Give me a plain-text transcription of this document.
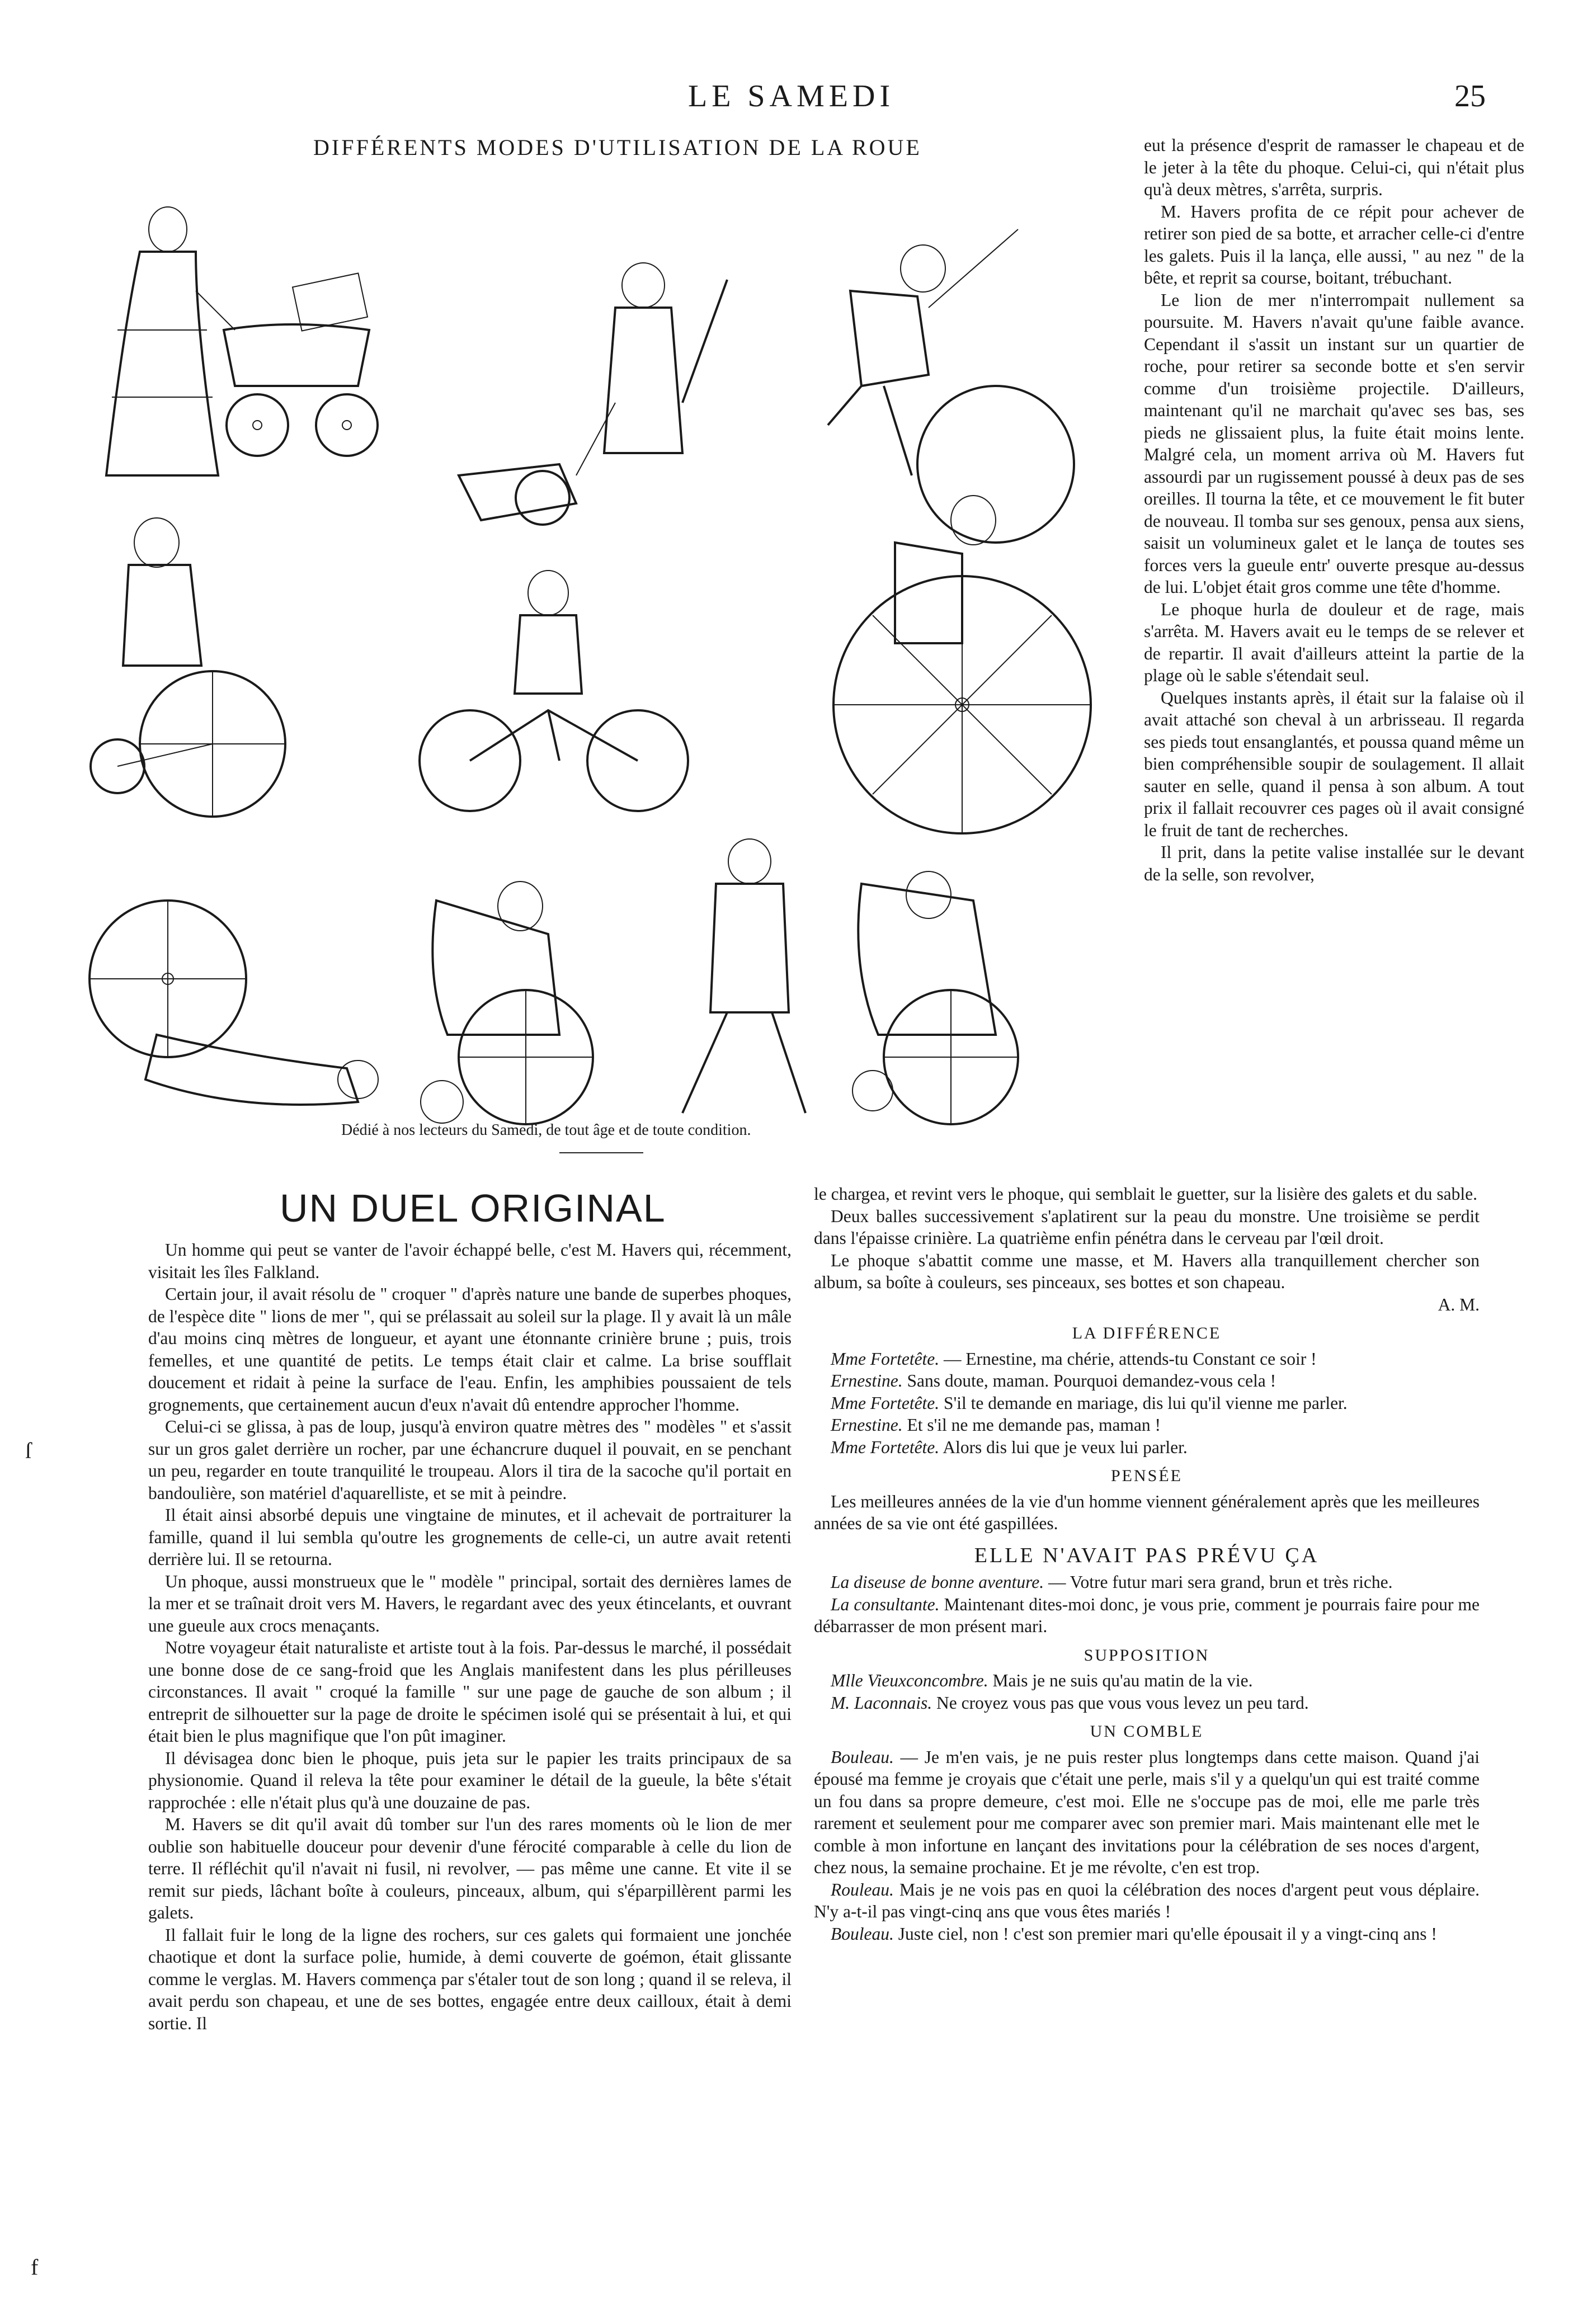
LE SAMEDI	25
ſ
f
DIFFÉRENTS MODES D'UTILISATION DE LA ROUE
Dédié à nos lecteurs du Samedi, de tout âge et de toute condition.

eut la présence d'esprit de ramasser le chapeau et de le jeter à la tête du phoque. Celui-ci, qui n'était plus qu'à deux mètres, s'arrêta, surpris.

M. Havers profita de ce répit pour achever de retirer son pied de sa botte, et arracher celle-ci d'entre les galets. Puis il la lança, elle aussi, " au nez " de la bête, et reprit sa course, boitant, trébuchant.

Le lion de mer n'interrompait nullement sa poursuite. M. Havers n'avait qu'une faible avance. Cependant il s'assit un instant sur un quartier de roche, pour retirer sa seconde botte et s'en servir comme d'un troisième projectile. D'ailleurs, maintenant qu'il ne marchait qu'avec ses bas, ses pieds ne glissaient plus, la fuite était moins lente. Malgré cela, un moment arriva où M. Havers fut assourdi par un rugissement poussé à deux pas de ses oreilles. Il tourna la tête, et ce mouvement le fit buter de nouveau. Il tomba sur ses genoux, pensa aux siens, saisit un volumineux galet et le lança de toutes ses forces vers la gueule entr' ouverte presque au-dessus de lui. L'objet était gros comme une tête d'homme.

Le phoque hurla de douleur et de rage, mais s'arrêta. M. Havers avait eu le temps de se relever et de repartir. Il avait d'ailleurs atteint la partie de la plage où le sable s'étendait seul.

Quelques instants après, il était sur la falaise où il avait attaché son cheval à un arbrisseau. Il regarda ses pieds tout ensanglantés, et poussa quand même un bien compréhensible soupir de soulagement. Il allait sauter en selle, quand il pensa à son album. A tout prix il fallait recouvrer ces pages où il avait consigné le fruit de tant de recherches.

Il prit, dans la petite valise installée sur le devant de la selle, son revolver,

UN DUEL ORIGINAL

Un homme qui peut se vanter de l'avoir échappé belle, c'est M. Havers qui, récemment, visitait les îles Falkland.

Certain jour, il avait résolu de " croquer " d'après nature une bande de superbes phoques, de l'espèce dite " lions de mer ", qui se prélassait au soleil sur la plage. Il y avait là un mâle d'au moins cinq mètres de longueur, et ayant une étonnante crinière brune ; puis, trois femelles, et une quantité de petits. Le temps était clair et calme. La brise soufflait doucement et ridait à peine la surface de l'eau. Enfin, les amphibies poussaient de tels grognements, que certainement aucun d'eux n'avait dû entendre approcher l'homme.

Celui-ci se glissa, à pas de loup, jusqu'à environ quatre mètres des " modèles " et s'assit sur un gros galet derrière un rocher, par une échancrure duquel il pouvait, en se penchant un peu, regarder en toute tranquilité le troupeau. Alors il tira de la sacoche qu'il portait en bandoulière, son matériel d'aquarelliste, et se mit à peindre.

Il était ainsi absorbé depuis une vingtaine de minutes, et il achevait de portraiturer la famille, quand il lui sembla qu'outre les grognements de celle-ci, un autre avait retenti derrière lui. Il se retourna.

Un phoque, aussi monstrueux que le " modèle " principal, sortait des dernières lames de la mer et se traînait droit vers M. Havers, le regardant avec des yeux étincelants, et ouvrant une gueule aux crocs menaçants.

Notre voyageur était naturaliste et artiste tout à la fois. Par-dessus le marché, il possédait une bonne dose de ce sang-froid que les Anglais manifestent dans les plus périlleuses circonstances. Il avait " croqué la famille " sur une page de gauche de son album ; il entreprit de silhouetter sur la page de droite le spécimen isolé qui se présentait à lui, et qui était bien le plus magnifique que l'on pût imaginer.

Il dévisagea donc bien le phoque, puis jeta sur le papier les traits principaux de sa physionomie. Quand il releva la tête pour examiner le détail de la gueule, la bête s'était rapprochée : elle n'était plus qu'à une douzaine de pas.

M. Havers se dit qu'il avait dû tomber sur l'un des rares moments où le lion de mer oublie son habituelle douceur pour devenir d'une férocité comparable à celle du lion de terre. Il réfléchit qu'il n'avait ni fusil, ni revolver, — pas même une canne. Et vite il se remit sur pieds, lâchant boîte à couleurs, pinceaux, album, qui s'éparpillèrent parmi les galets.

Il fallait fuir le long de la ligne des rochers, sur ces galets qui formaient une jonchée chaotique et dont la surface polie, humide, à demi couverte de goémon, était glissante comme le verglas. M. Havers commença par s'étaler tout de son long ; quand il se releva, il avait perdu son chapeau, et une de ses bottes, engagée entre deux cailloux, était à demi sortie. Il

le chargea, et revint vers le phoque, qui semblait le guetter, sur la lisière des galets et du sable.

Deux balles successivement s'aplatirent sur la peau du monstre. Une troisième se perdit dans l'épaisse crinière. La quatrième enfin pénétra dans le cerveau par l'œil droit.

Le phoque s'abattit comme une masse, et M. Havers alla tranquillement chercher son album, sa boîte à couleurs, ses pinceaux, ses bottes et son chapeau.

A. M.

LA DIFFÉRENCE

Mme Fortetête. — Ernestine, ma chérie, attends-tu Constant ce soir !

Ernestine. Sans doute, maman. Pourquoi demandez-vous cela !

Mme Fortetête. S'il te demande en mariage, dis lui qu'il vienne me parler.

Ernestine. Et s'il ne me demande pas, maman !

Mme Fortetête. Alors dis lui que je veux lui parler.

PENSÉE

Les meilleures années de la vie d'un homme viennent généralement après que les meilleures années de sa vie ont été gaspillées.

ELLE N'AVAIT PAS PRÉVU ÇA

La diseuse de bonne aventure. — Votre futur mari sera grand, brun et très riche.

La consultante. Maintenant dites-moi donc, je vous prie, comment je pourrais faire pour me débarrasser de mon présent mari.

SUPPOSITION

Mlle Vieuxconcombre. Mais je ne suis qu'au matin de la vie.

M. Laconnais. Ne croyez vous pas que vous vous levez un peu tard.

UN COMBLE

Bouleau. — Je m'en vais, je ne puis rester plus longtemps dans cette maison. Quand j'ai épousé ma femme je croyais que c'était une perle, mais s'il y a quelqu'un qui est traité comme un fou dans sa propre demeure, c'est moi. Elle ne s'occupe pas de moi, elle me parle très rarement et seulement pour me comparer avec son premier mari. Mais maintenant elle met le comble à mon infortune en lançant des invitations pour la célébration de ses noces d'argent, chez nous, la semaine prochaine. Et je me révolte, c'en est trop.

Rouleau. Mais je ne vois pas en quoi la célébration des noces d'argent peut vous déplaire. N'y a-t-il pas vingt-cinq ans que vous êtes mariés !

Bouleau. Juste ciel, non ! c'est son premier mari qu'elle épousait il y a vingt-cinq ans !
